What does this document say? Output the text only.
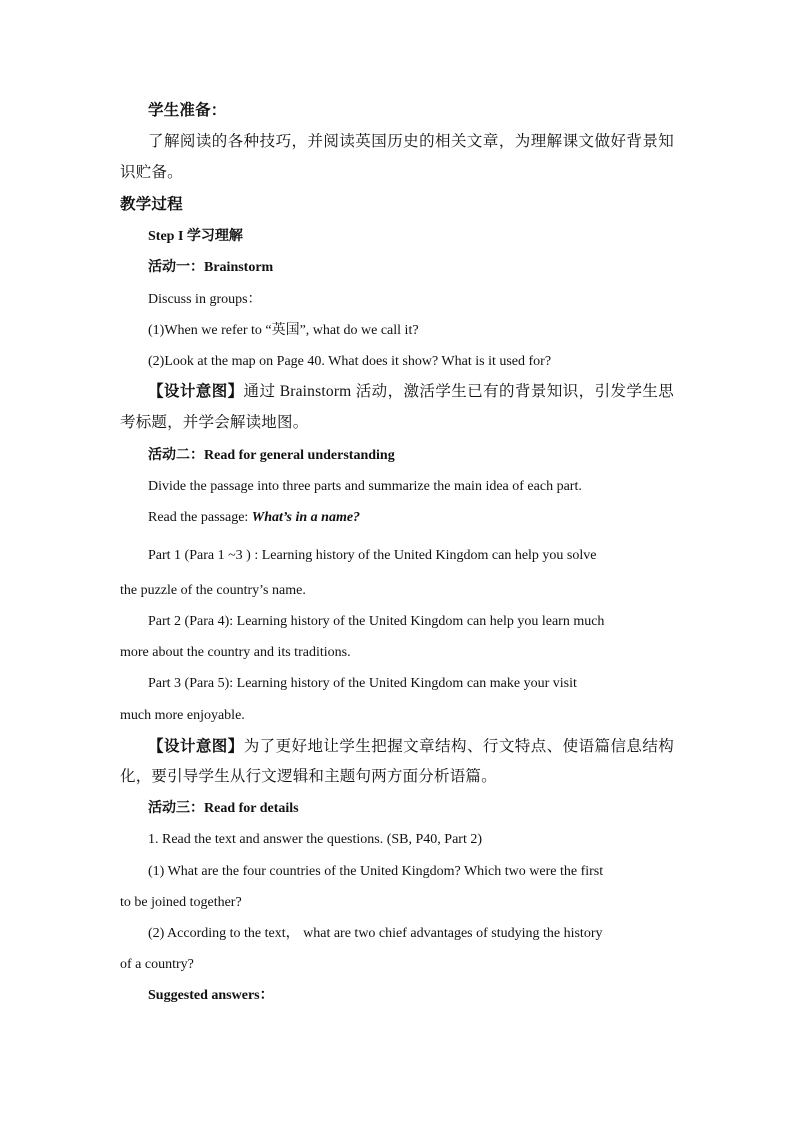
学生准备：
了解阅读的各种技巧，并阅读英国历史的相关文章，为理解课文做好背景知
识贮备。
教学过程
Step I 学习理解
活动一：Brainstorm
Discuss in groups：
(1)When we refer to “英国”, what do we call it?
(2)Look at the map on Page 40. What does it show? What is it used for?
【设计意图】通过 Brainstorm 活动，激活学生已有的背景知识，引发学生思
考标题，并学会解读地图。
活动二：Read for general understanding
Divide the passage into three parts and summarize the main idea of each part.
Read the passage: What’s in a name?
Part 1 (Para 1 ~3 ) : Learning history of the United Kingdom can help you solve
the puzzle of the country’s name.
Part 2 (Para 4): Learning history of the United Kingdom can help you learn much
more about the country and its traditions.
Part 3 (Para 5): Learning history of the United Kingdom can make your visit
much more enjoyable.
【设计意图】为了更好地让学生把握文章结构、行文特点、使语篇信息结构
化，要引导学生从行文逻辑和主题句两方面分析语篇。
活动三：Read for details
1. Read the text and answer the questions. (SB, P40, Part 2)
(1) What are the four countries of the United Kingdom? Which two were the first
to be joined together?
(2) According to the text， what are two chief advantages of studying the history
of a country?
Suggested answers：
